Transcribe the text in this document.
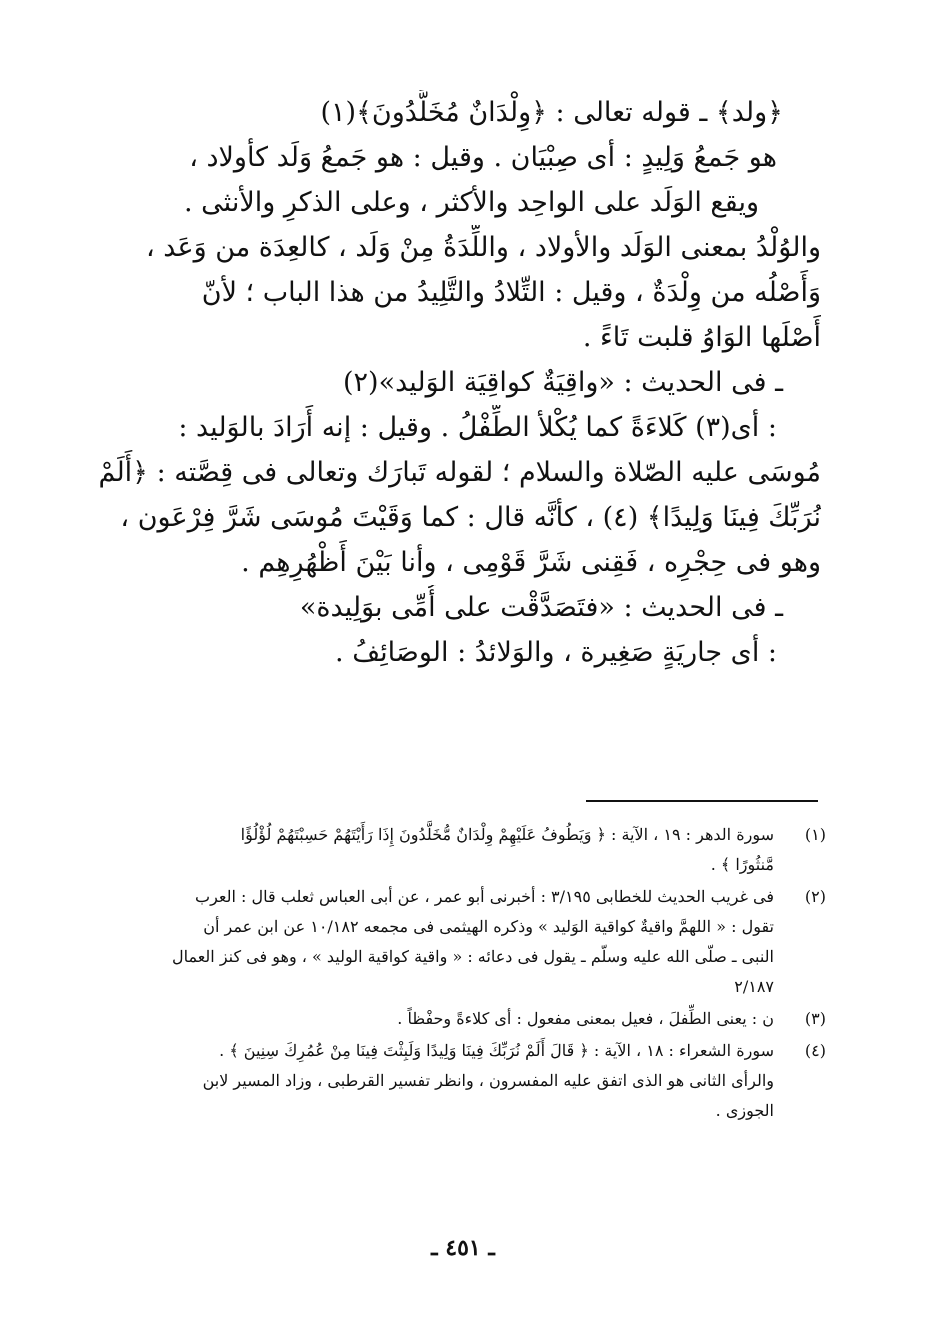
﴿ولد﴾ ـ قوله تعالى : ﴿وِلْدَانٌ مُخَلَّدُونَ﴾(١)
هو جَمعُ وَلِيدٍ : أى صِبْيَان . وقيل : هو جَمعُ وَلَد كأولاد ،
ويقع الوَلَد على الواحِد والأكثر ، وعلى الذكرِ والأنثى .
والوُلْدُ بمعنى الوَلَد والأولاد ، واللِّدَةُ مِنْ وَلَد ، كالعِدَة من وَعَد ،
وَأَصْلُه من وِلْدَةٌ ، وقيل : التِّلادُ والتَّلِيدُ من هذا الباب ؛ لأنّ
أَصْلَها الوَاوُ قلبت تَاءً .
ـ فى الحديث : «واقِيَةٌ كواقِيَة الوَليد»(٢)
: أى(٣) كَلاءَةً كما يُكْلأ الطِّفْلُ . وقيل : إنه أَرَادَ بالوَليد :
مُوسَى عليه الصّلاة والسلام ؛ لقوله تَبارَك وتعالى فى قِصَّته : ﴿أَلَمْ
نُرَبِّكَ فِينَا وَلِيدًا﴾ (٤) ، كأنَّه قال : كما وَقَيْتَ مُوسَى شَرَّ فِرْعَون ،
وهو فى حِجْرِه ، فَقِنى شَرَّ قَوْمِى ، وأنا بَيْنَ أَظْهُرِهِم .
ـ فى الحديث : «فتَصَدَّقْت على أُمِّى بوَلِيدة»
: أى جاريَةٍ صَغِيرة ، والوَلائدُ : الوصَائِفُ .
(١)
سورة الدهر : ١٩ ، الآية : ﴿ وَيَطُوفُ عَلَيْهِمْ وِلْدَانٌ مُّخَلَّدُونَ إِذَا رَأَيْتَهُمْ حَسِبْتَهُمْ لُؤْلُؤًا
مَّنثُورًا ﴾ .
(٢)
فى غريب الحديث للخطابى ٣/١٩٥ : أخبرنى أبو عمر ، عن أبى العباس ثعلب قال : العرب
تقول : « اللهمَّ واقيةٌ كواقية الوَليد » وذكره الهيثمى فى مجمعه ١٠/١٨٢ عن ابن عمر أن
النبى ـ صلّى الله عليه وسلّم ـ يقول فى دعائه : « واقية كواقية الوليد » ، وهو فى كنز العمال
٢/١٨٧
(٣)
ن : يعنى الطِّفلَ ، فعيل بمعنى مفعول : أى كلاءةً وحفْظاً .
(٤)
سورة الشعراء : ١٨ ، الآية : ﴿ قَالَ أَلَمْ نُرَبِّكَ فِينَا وَلِيدًا وَلَبِثْتَ فِينَا مِنْ عُمُرِكَ سِنِينَ ﴾ .
والرأى الثانى هو الذى اتفق عليه المفسرون ، وانظر تفسير القرطبى ، وزاد المسير لابن
الجوزى .
ـ ٤٥١ ـ
